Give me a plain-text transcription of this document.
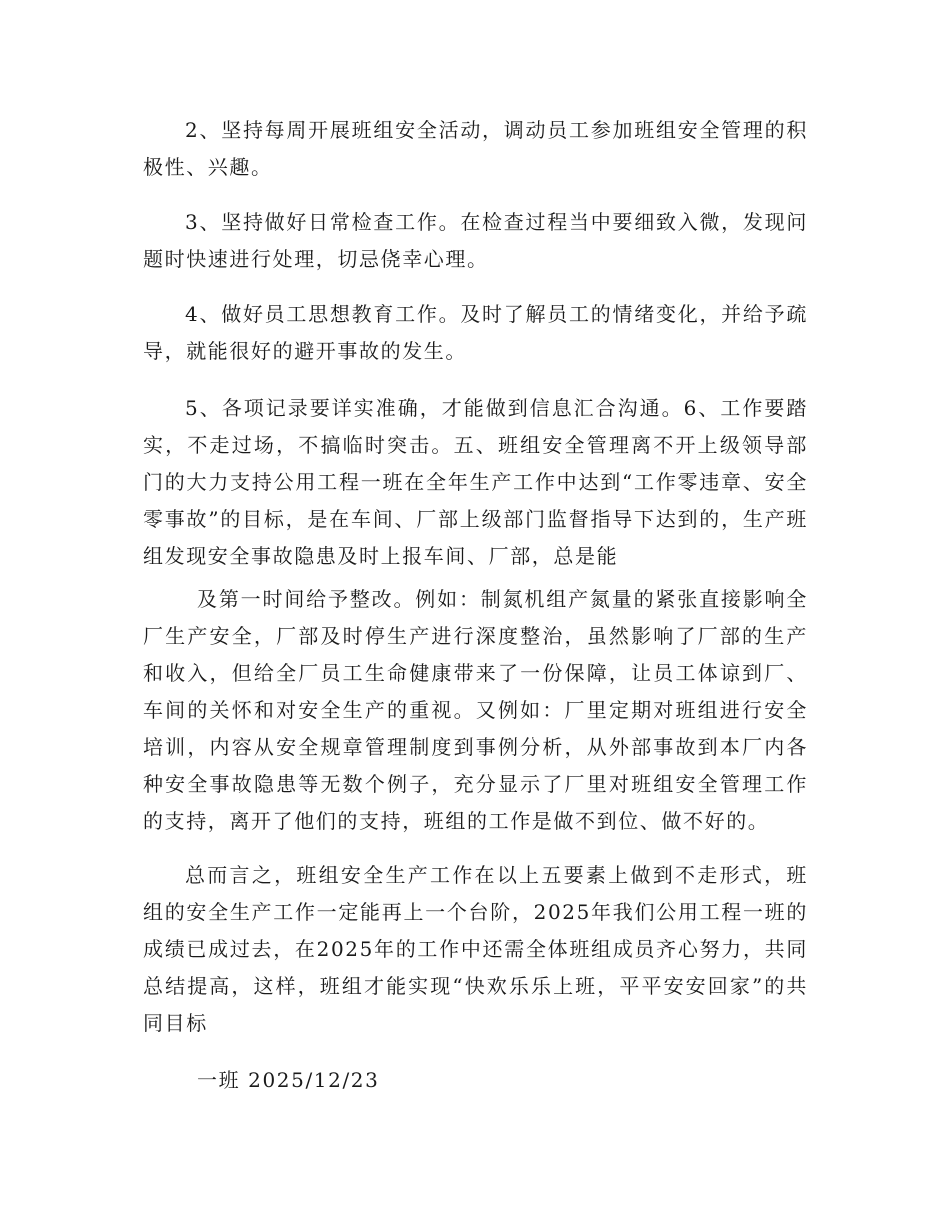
2、坚持每周开展班组安全活动，调动员工参加班组安全管理的积极性、兴趣。

3、坚持做好日常检查工作。在检查过程当中要细致入微，发现问题时快速进行处理，切忌侥幸心理。

4、做好员工思想教育工作。及时了解员工的情绪变化，并给予疏导，就能很好的避开事故的发生。

5、各项记录要详实准确，才能做到信息汇合沟通。6、工作要踏实，不走过场，不搞临时突击。五、班组安全管理离不开上级领导部门的大力支持公用工程一班在全年生产工作中达到“工作零违章、安全零事故”的目标，是在车间、厂部上级部门监督指导下达到的，生产班组发现安全事故隐患及时上报车间、厂部，总是能

及第一时间给予整改。例如：制氮机组产氮量的紧张直接影响全厂生产安全，厂部及时停生产进行深度整治，虽然影响了厂部的生产和收入，但给全厂员工生命健康带来了一份保障，让员工体谅到厂、车间的关怀和对安全生产的重视。又例如：厂里定期对班组进行安全培训，内容从安全规章管理制度到事例分析，从外部事故到本厂内各种安全事故隐患等无数个例子，充分显示了厂里对班组安全管理工作的支持，离开了他们的支持，班组的工作是做不到位、做不好的。

总而言之，班组安全生产工作在以上五要素上做到不走形式，班组的安全生产工作一定能再上一个台阶，2025年我们公用工程一班的成绩已成过去，在2025年的工作中还需全体班组成员齐心努力，共同总结提高，这样，班组才能实现“快欢乐乐上班，平平安安回家”的共同目标

一班 2025/12/23
